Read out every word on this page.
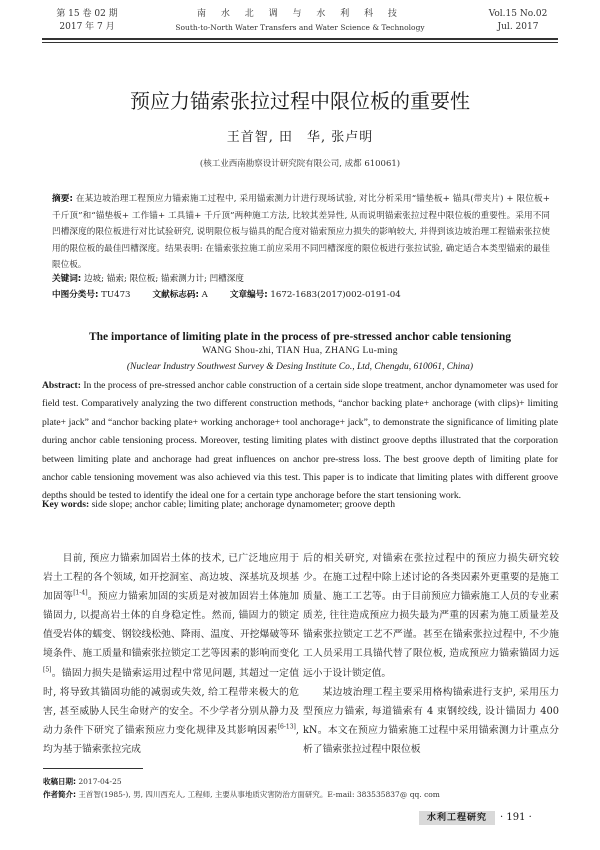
第 15 卷 02 期
2017 年 7 月
南 水 北 调 与 水 利 科 技
South-to-North Water Transfers and Water Science & Technology
Vol.15 No.02
Jul. 2017
预应力锚索张拉过程中限位板的重要性
王首智, 田　华, 张卢明
(核工业西南勘察设计研究院有限公司, 成都 610061)
摘要: 在某边坡治理工程预应力锚索施工过程中, 采用锚索测力计进行现场试验, 对比分析采用“锚垫板+ 锚具(带夹片) + 限位板+ 千斤顶”和“锚垫板+ 工作锚+ 工具锚+ 千斤顶”两种施工方法, 比较其差异性, 从而说明锚索张拉过程中限位板的重要性。采用不同凹槽深度的限位板进行对比试验研究, 说明限位板与锚具的配合度对锚索预应力损失的影响较大, 并得到该边坡治理工程锚索张拉使用的限位板的最佳凹槽深度。结果表明: 在锚索张拉施工前应采用不同凹槽深度的限位板进行张拉试验, 确定适合本类型锚索的最佳限位板。
关键词: 边坡; 锚索; 限位板; 锚索测力计; 凹槽深度
中图分类号: TU473	文献标志码: A	文章编号: 1672-1683(2017)002-0191-04
The importance of limiting plate in the process of pre-stressed anchor cable tensioning
WANG Shou-zhi, TIAN Hua, ZHANG Lu-ming
(Nuclear Industry Southwest Survey & Desing Institute Co., Ltd, Chengdu, 610061, China)
Abstract: In the process of pre-stressed anchor cable construction of a certain side slope treatment, anchor dynamometer was used for field test. Comparatively analyzing the two different construction methods, “anchor backing plate+ anchorage (with clips)+ limiting plate+ jack” and “anchor backing plate+ working anchorage+ tool anchorage+ jack”, to demonstrate the significance of limiting plate during anchor cable tensioning process. Moreover, testing limiting plates with distinct groove depths illustrated that the corporation between limiting plate and anchorage had great influences on anchor pre-stress loss. The best groove depth of limiting plate for anchor cable tensioning movement was also achieved via this test. This paper is to indicate that limiting plates with different groove depths should be tested to identify the ideal one for a certain type anchorage before the start tensioning work.
Key words: side slope; anchor cable; limiting plate; anchorage dynamometer; groove depth

目前, 预应力锚索加固岩土体的技术, 已广泛地应用于岩土工程的各个领域, 如开挖洞室、高边坡、深基坑及坝基加固等[1-4]。预应力锚索加固的实质是对被加固岩土体施加锚固力, 以提高岩土体的自身稳定性。然而, 锚固力的锁定值受岩体的蠕变、钢铰线松弛、降雨、温度、开挖爆破等环境条件、施工质量和锚索张拉锁定工艺等因素的影响而变化[5]。锚固力损失是锚索运用过程中常见问题, 其超过一定值时, 将导致其锚固功能的减弱或失效, 给工程带来极大的危害, 甚至威胁人民生命财产的安全。不少学者分别从静力及动力条件下研究了锚索预应力变化规律及其影响因素[6-13], 均为基于锚索张拉完成

后的相关研究, 对锚索在张拉过程中的预应力损失研究较少。在施工过程中除上述讨论的各类因素外更重要的是施工质量、施工工艺等。由于目前预应力锚索施工人员的专业素质差, 往往造成预应力损失最为严重的因素为施工质量差及锚索张拉锁定工艺不严谨。甚至在锚索张拉过程中, 不少施工人员采用工具锚代替了限位板, 造成预应力锚索锚固力远远小于设计锁定值。

某边坡治理工程主要采用格构锚索进行支护, 采用压力型预应力锚索, 每道锚索有 4 束钢绞线, 设计锚固力 400 kN。本文在预应力锚索施工过程中采用锚索测力计重点分析了锚索张拉过程中限位板

收稿日期: 2017-04-25
作者简介: 王首智(1985-), 男, 四川西充人, 工程师, 主要从事地质灾害防治方面研究。E-mail: 383535837@ qq. com
水利工程研究	· 191 ·
